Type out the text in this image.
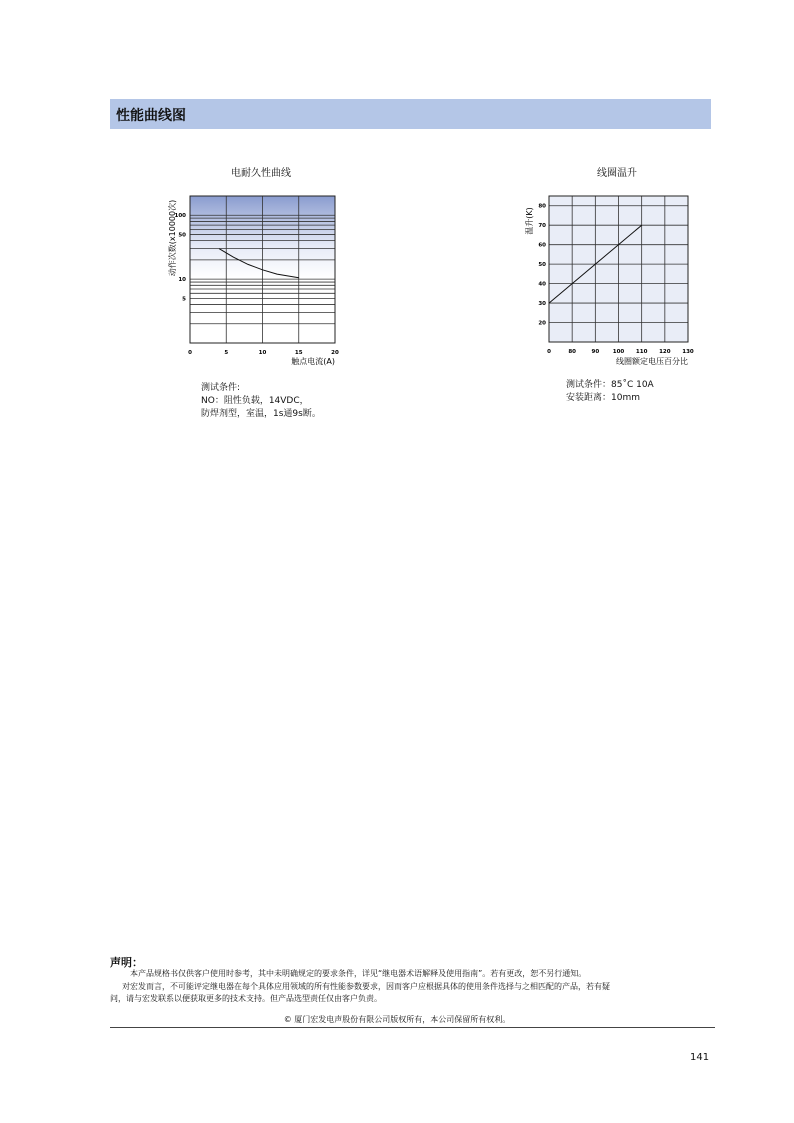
性能曲线图
电耐久性曲线
0	5	10	15	20
100
50
10
5
动作次数(x10000次)
触点电流(A)
测试条件:
NO：阻性负载，14VDC，
防焊剂型，室温，1s通9s断。
线圈温升
0	80	90 100 110 120 130
80
70
60
50
40
30
20
温升(K)
线圈额定电压百分比
测试条件：85˚C 10A
安装距离：10mm
声明：
本产品规格书仅供客户使用时参考，其中未明确规定的要求条件，详见“继电器术语解释及使用指南”。若有更改，恕不另行通知。
对宏发而言，不可能评定继电器在每个具体应用领域的所有性能参数要求，因而客户应根据具体的使用条件选择与之相匹配的产品，若有疑
问，请与宏发联系以便获取更多的技术支持。但产品选型责任仅由客户负责。
© 厦门宏发电声股份有限公司版权所有，本公司保留所有权利。
141
